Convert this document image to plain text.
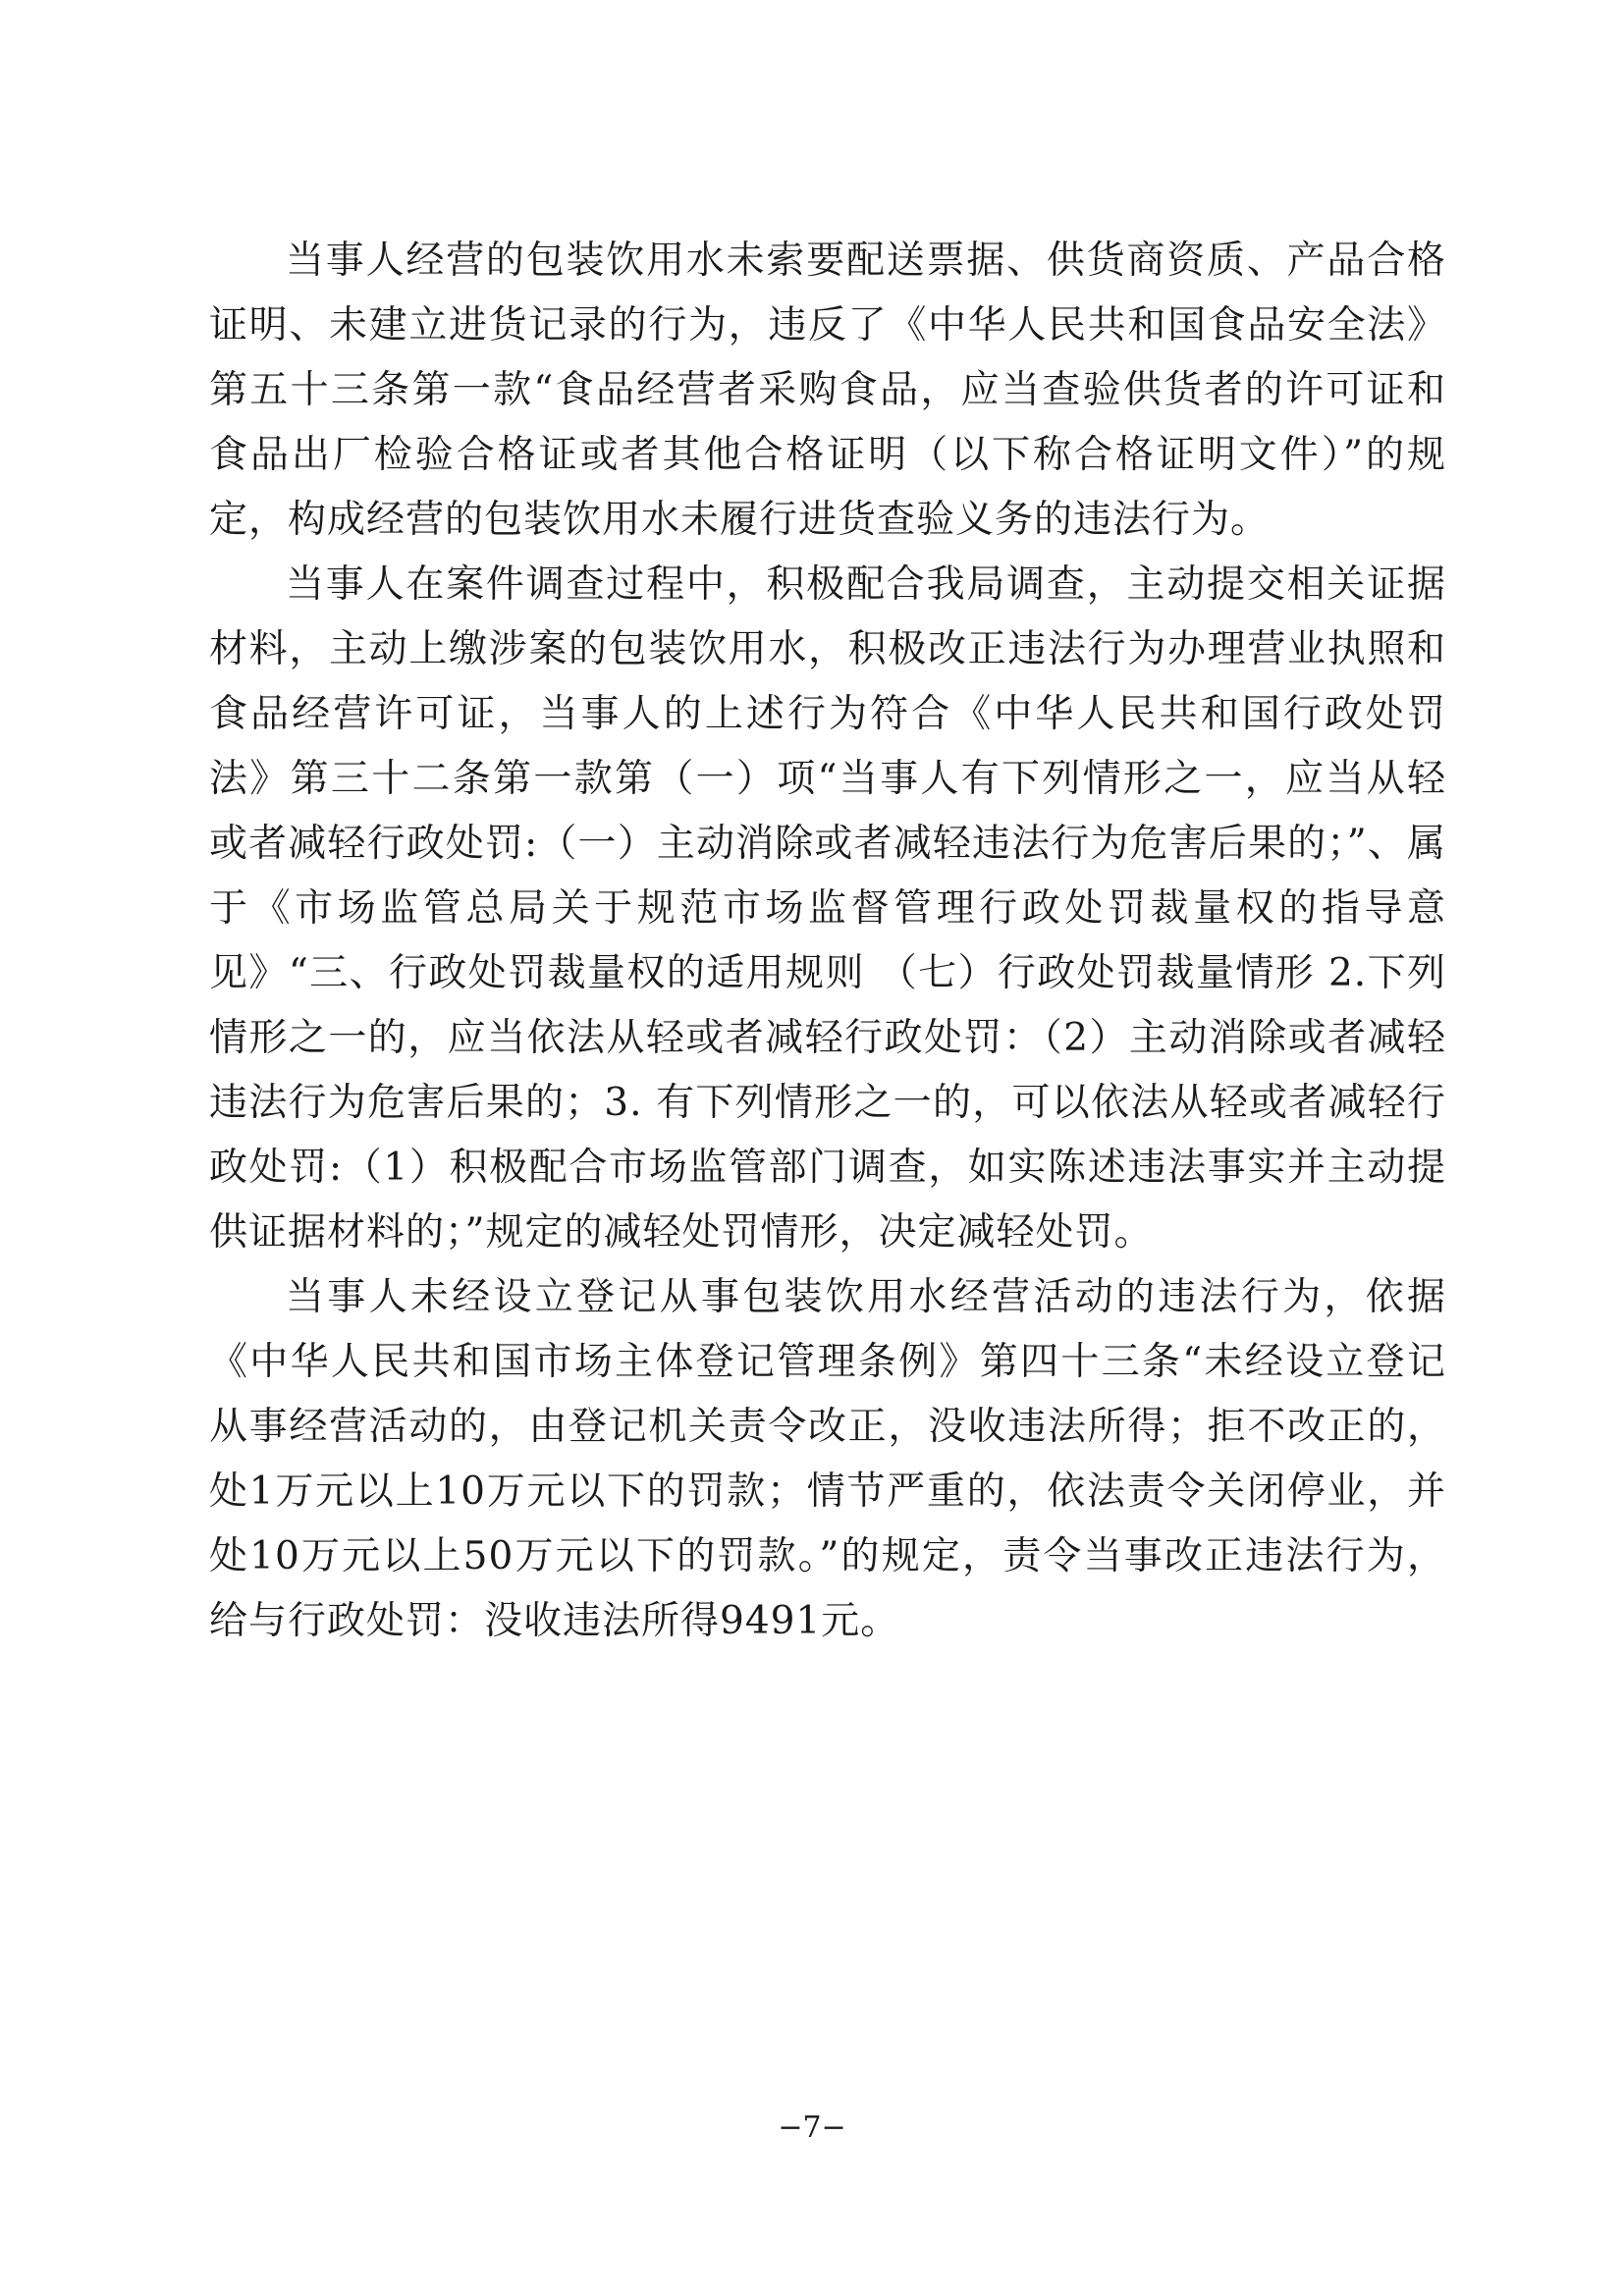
当事人经营的包装饮用水未索要配送票据、供货商资质、产品合格证明、未建立进货记录的行为，违反了《中华人民共和国食品安全法》第五十三条第一款“食品经营者采购食品，应当查验供货者的许可证和食品出厂检验合格证或者其他合格证明（以下称合格证明文件）”的规定，构成经营的包装饮用水未履行进货查验义务的违法行为。

当事人在案件调查过程中，积极配合我局调查，主动提交相关证据材料，主动上缴涉案的包装饮用水，积极改正违法行为办理营业执照和食品经营许可证，当事人的上述行为符合《中华人民共和国行政处罚法》第三十二条第一款第（一）项“当事人有下列情形之一，应当从轻或者减轻行政处罚:（一）主动消除或者减轻违法行为危害后果的；”、属于《市场监管总局关于规范市场监督管理行政处罚裁量权的指导意见》“三、行政处罚裁量权的适用规则 （七）行政处罚裁量情形 2.下列情形之一的，应当依法从轻或者减轻行政处罚：（2）主动消除或者减轻违法行为危害后果的；3. 有下列情形之一的，可以依法从轻或者减轻行政处罚:（1）积极配合市场监管部门调查，如实陈述违法事实并主动提供证据材料的；”规定的减轻处罚情形，决定减轻处罚。

当事人未经设立登记从事包装饮用水经营活动的违法行为，依据《中华人民共和国市场主体登记管理条例》第四十三条“未经设立登记从事经营活动的，由登记机关责令改正，没收违法所得；拒不改正的，处1万元以上10万元以下的罚款；情节严重的，依法责令关闭停业，并处10万元以上50万元以下的罚款。”的规定，责令当事改正违法行为，给与行政处罚：没收违法所得9491元。

−7−
